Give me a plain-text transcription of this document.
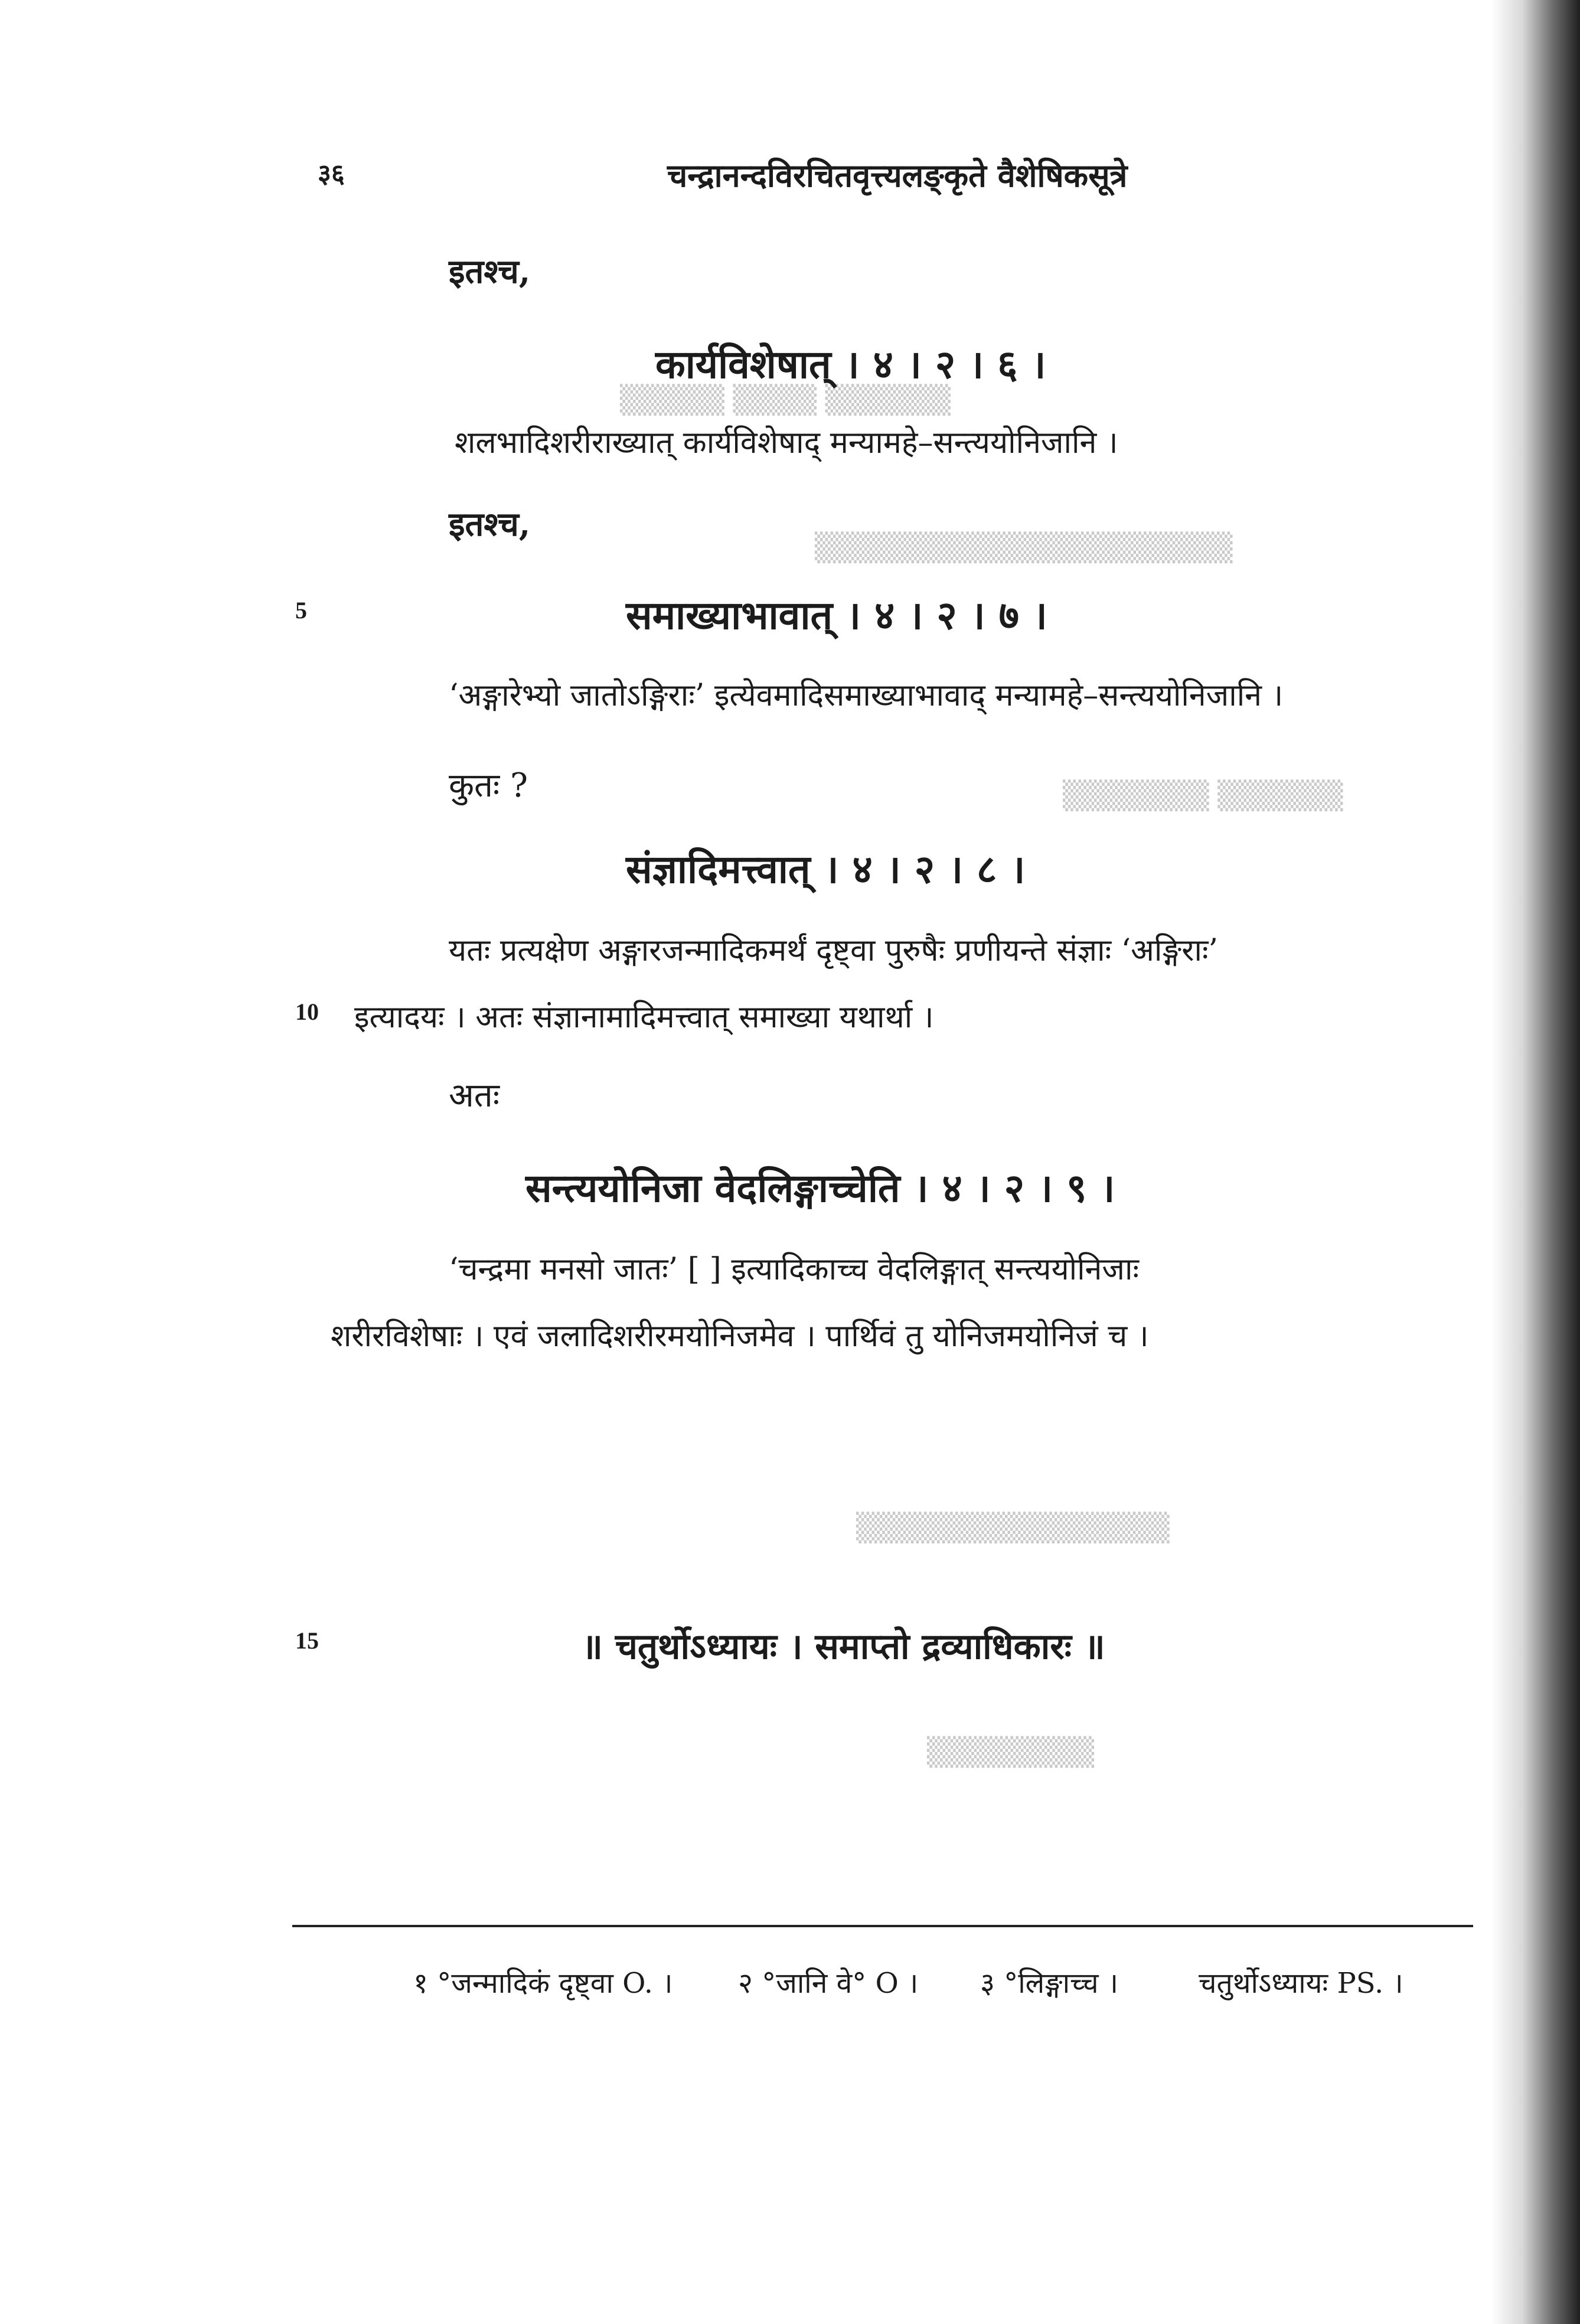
▒▒▒▒▒ ▒▒▒▒ ▒▒▒▒▒▒
▒▒▒▒▒▒▒▒▒▒▒▒▒▒▒▒▒▒▒▒
▒▒▒▒▒▒▒ ▒▒▒▒▒▒
▒▒▒▒▒▒▒▒▒▒▒▒▒▒▒
▒▒▒▒▒▒▒▒
३६	चन्द्रानन्दविरचितवृत्त्यलङ्कृते वैशेषिकसूत्रे
इतश्च,
कार्यविशेषात् । ४ । २ । ६ ।
शलभादिशरीराख्यात् कार्यविशेषाद् मन्यामहे–सन्त्ययोनिजानि ।
इतश्च,
5	समाख्याभावात् । ४ । २ । ७ ।
‘अङ्गारेभ्यो जातोऽङ्गिराः’ इत्येवमादिसमाख्याभावाद् मन्यामहे–सन्त्ययोनिजानि ।
कुतः ?
संज्ञादिमत्त्वात् । ४ । २ । ८ ।
यतः प्रत्यक्षेण अङ्गारजन्मादिकमर्थं दृष्ट्वा पुरुषैः प्रणीयन्ते संज्ञाः ‘अङ्गिराः’
10 इत्यादयः । अतः संज्ञानामादिमत्त्वात् समाख्या यथार्था ।
अतः
सन्त्ययोनिजा वेदलिङ्गाच्चेति । ४ । २ । ९ ।
‘चन्द्रमा मनसो जातः’ [ ] इत्यादिकाच्च वेदलिङ्गात् सन्त्ययोनिजाः
शरीरविशेषाः । एवं जलादिशरीरमयोनिजमेव । पार्थिवं तु योनिजमयोनिजं च ।
15	॥ चतुर्थोऽध्यायः । समाप्तो द्रव्याधिकारः ॥
१ °जन्मादिकं दृष्ट्वा O. । २ °जानि वे° O । ३ °लिङ्गाच्च ।	चतुर्थोऽध्यायः PS. ।
